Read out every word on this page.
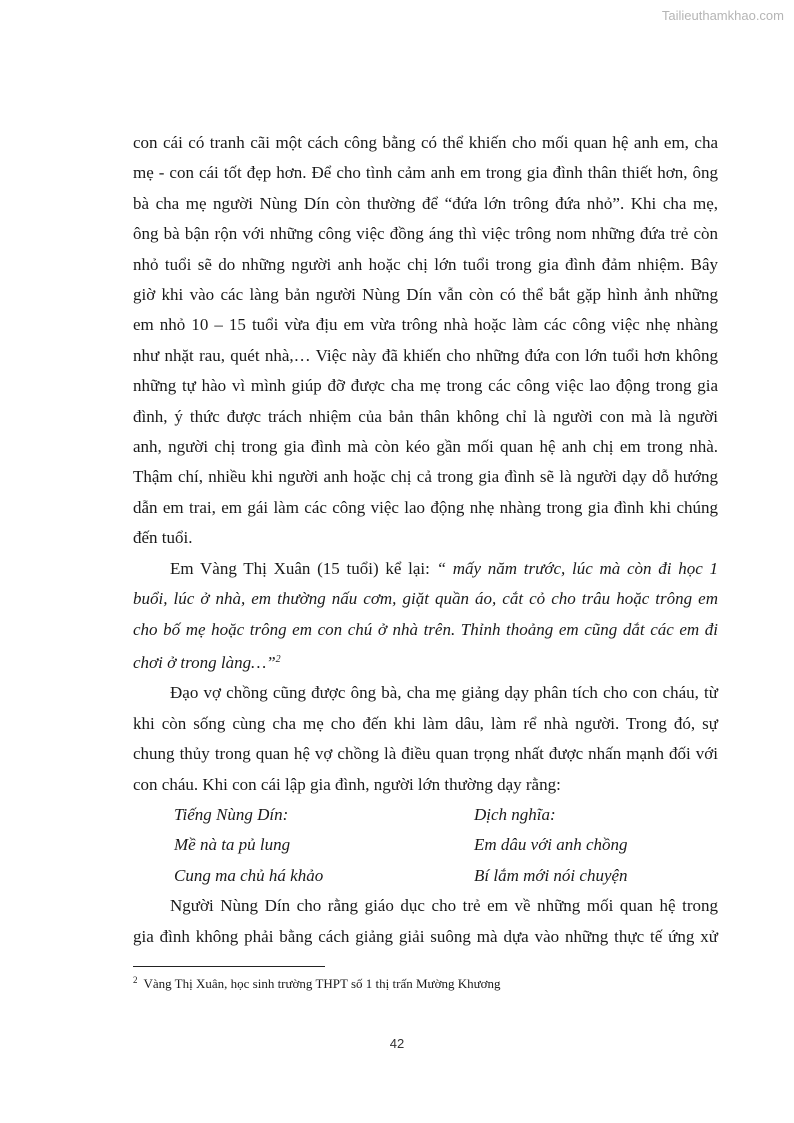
Tailieuthamkhao.com

con cái có tranh cãi một cách công bằng có thể khiến cho mối quan hệ anh em, cha

mẹ - con cái tốt đẹp hơn. Để cho tình cảm anh em trong gia đình thân thiết hơn, ông

bà cha mẹ người Nùng Dín còn thường để “đứa lớn trông đứa nhỏ”. Khi cha mẹ,

ông bà bận rộn với những công việc đồng áng thì việc trông nom những đứa trẻ còn

nhỏ tuổi sẽ do những người anh hoặc chị lớn tuổi trong gia đình đảm nhiệm. Bây

giờ khi vào các làng bản người Nùng Dín vẫn còn có thể bắt gặp hình ảnh những

em nhỏ 10 – 15 tuổi vừa địu em vừa trông nhà hoặc làm các công việc nhẹ nhàng

như nhặt rau, quét nhà,… Việc này đã khiến cho những đứa con lớn tuổi hơn không

những tự hào vì mình giúp đỡ được cha mẹ trong các công việc lao động trong gia

đình, ý thức được trách nhiệm của bản thân không chỉ là người con mà là người

anh, người chị trong gia đình mà còn kéo gần mối quan hệ anh chị em trong nhà.

Thậm chí, nhiều khi người anh hoặc chị cả trong gia đình sẽ là người dạy dỗ hướng

dẫn em trai, em gái làm các công việc lao động nhẹ nhàng trong gia đình khi chúng

đến tuổi.

Em Vàng Thị Xuân (15 tuổi) kể lại: “ mấy năm trước, lúc mà còn đi học 1

buổi, lúc ở nhà, em thường nấu cơm, giặt quần áo, cắt cỏ cho trâu hoặc trông em

cho bố mẹ hoặc trông em con chú ở nhà trên. Thỉnh thoảng em cũng dắt các em đi

chơi ở trong làng…”$^2$

Đạo vợ chồng cũng được ông bà, cha mẹ giảng dạy phân tích cho con cháu, từ

khi còn sống cùng cha mẹ cho đến khi làm dâu, làm rể nhà người. Trong đó, sự

chung thủy trong quan hệ vợ chồng là điều quan trọng nhất được nhấn mạnh đối với

con cháu. Khi con cái lập gia đình, người lớn thường dạy rằng:

Tiếng Nùng Dín:	Dịch nghĩa:
Mề nà ta pủ lung	Em dâu với anh chồng
Cung ma chủ há khảo	Bí lắm mới nói chuyện

Người Nùng Dín cho rằng giáo dục cho trẻ em về những mối quan hệ trong

gia đình không phải bằng cách giảng giải suông mà dựa vào những thực tế ứng xử

$^2$ Vàng Thị Xuân, học sinh trường THPT số 1 thị trấn Mường Khương
42
